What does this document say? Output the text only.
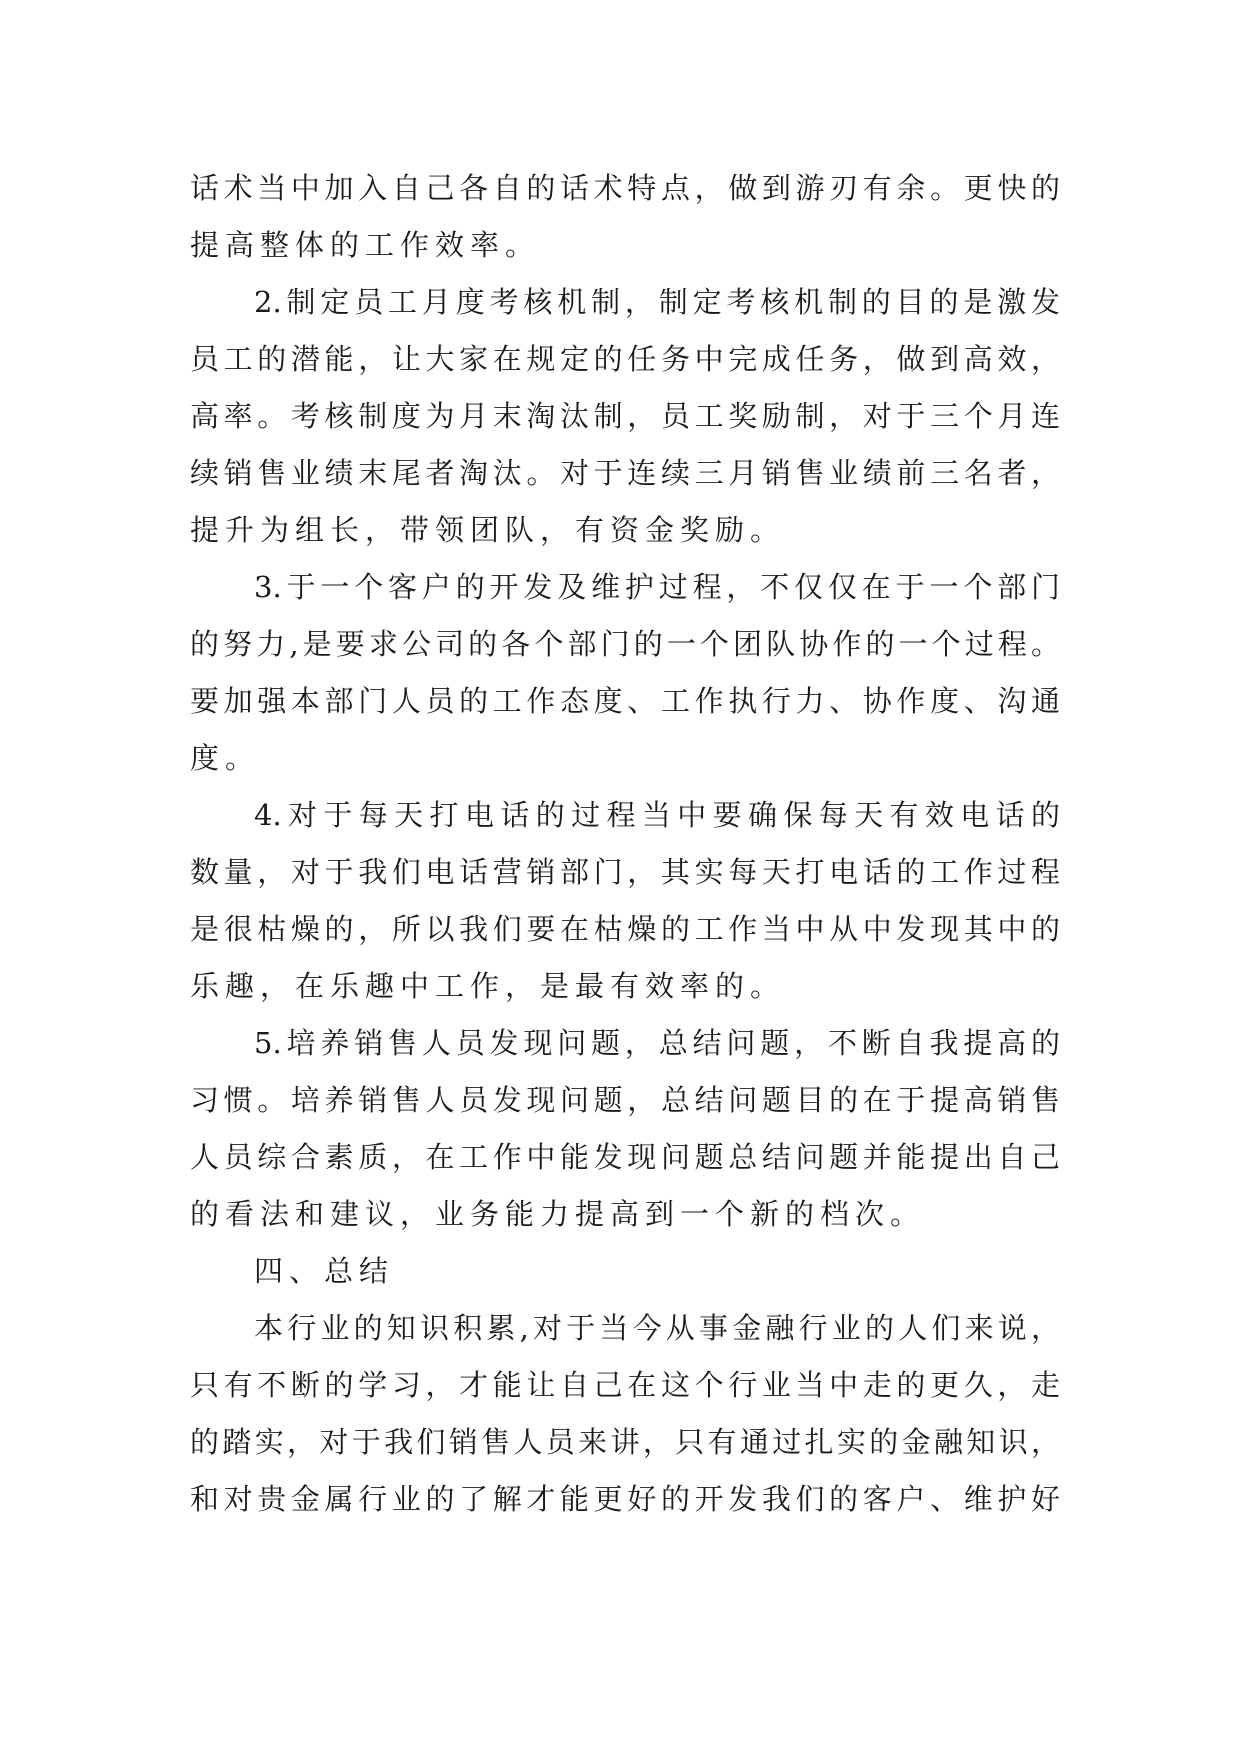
话术当中加入自己各自的话术特点，做到游刃有余。更快的
提高整体的工作效率。
2.制定员工月度考核机制，制定考核机制的目的是激发
员工的潜能，让大家在规定的任务中完成任务，做到高效，
高率。考核制度为月末淘汰制，员工奖励制，对于三个月连
续销售业绩末尾者淘汰。对于连续三月销售业绩前三名者，
提升为组长，带领团队，有资金奖励。
3.于一个客户的开发及维护过程，不仅仅在于一个部门
的努力,是要求公司的各个部门的一个团队协作的一个过程。
要加强本部门人员的工作态度、工作执行力、协作度、沟通
度。
4.对于每天打电话的过程当中要确保每天有效电话的
数量，对于我们电话营销部门，其实每天打电话的工作过程
是很枯燥的，所以我们要在枯燥的工作当中从中发现其中的
乐趣，在乐趣中工作，是最有效率的。
5.培养销售人员发现问题，总结问题，不断自我提高的
习惯。培养销售人员发现问题，总结问题目的在于提高销售
人员综合素质，在工作中能发现问题总结问题并能提出自己
的看法和建议，业务能力提高到一个新的档次。
四、总结
本行业的知识积累,对于当今从事金融行业的人们来说，
只有不断的学习，才能让自己在这个行业当中走的更久，走
的踏实，对于我们销售人员来讲，只有通过扎实的金融知识，
和对贵金属行业的了解才能更好的开发我们的客户、维护好
